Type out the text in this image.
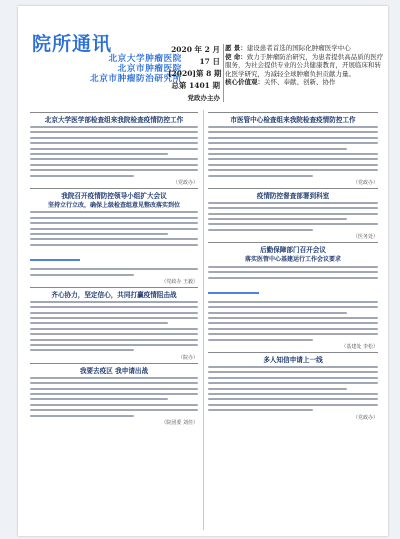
院所通讯
北京大学肿瘤医院
北京市肿瘤医院
北京市肿瘤防治研究所
2020 年 2 月
17 日
[2020]第 8 期
总第 1401 期
党政办主办
愿 景：建设患者首选的国际化肿瘤医学中心
使 命：致力于肿瘤防治研究，为患者提供高品质的医疗服务，为社会提供专业的公共健康教育，开展临床和转化医学研究，为减轻全球肿瘤负担贡献力量。
核心价值观：关怀、奉献、创新、协作
北京大学医学部检查组来我院检查疫情防控工作
（党政办）
我院召开疫情防控领导小组扩大会议
坚持立行立改，确保上级检查组意见整改落实到位
（党政办 王毅）
齐心协力，坚定信心，共同打赢疫情阻击战
（院办）
我要去疫区 我申请出战
（院团委 刘佳）
市医管中心检查组来我院检查疫情防控工作
（党政办）
疫情防控督查部署到科室
（医务处）
后勤保障部门召开会议
落实医管中心基建运行工作会议要求
（基建处 李松）
多人知信申请上一线
（党政办）
